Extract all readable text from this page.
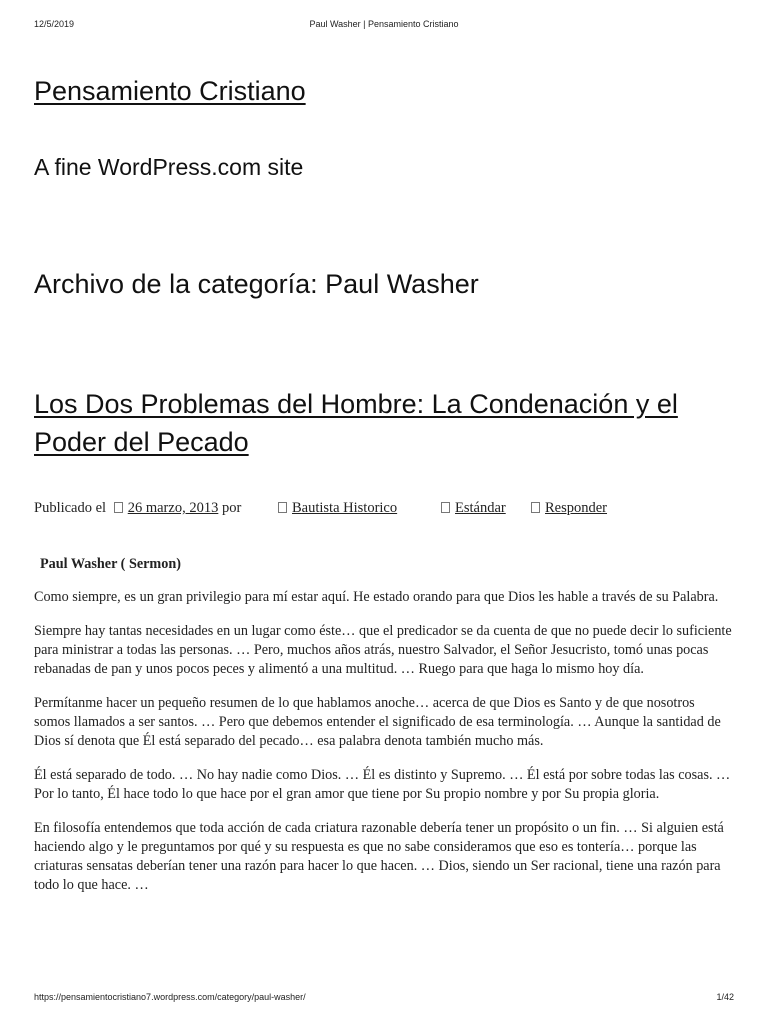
12/5/2019	Paul Washer | Pensamiento Cristiano
Pensamiento Cristiano
A fine WordPress.com site
Archivo de la categoría: Paul Washer
Los Dos Problemas del Hombre: La Condenación y el Poder del Pecado
Publicado el 26 marzo, 2013 por	Bautista Historico	Estándar	Responder
Paul Washer ( Sermon)

Como siempre, es un gran privilegio para mí estar aquí. He estado orando para que Dios les hable a través de su Palabra.

Siempre hay tantas necesidades en un lugar como éste… que el predicador se da cuenta de que no puede decir lo suficiente para ministrar a todas las personas. … Pero, muchos años atrás, nuestro Salvador, el Señor Jesucristo, tomó unas pocas rebanadas de pan y unos pocos peces y alimentó a una multitud. … Ruego para que haga lo mismo hoy día.

Permítanme hacer un pequeño resumen de lo que hablamos anoche… acerca de que Dios es Santo y de que nosotros somos llamados a ser santos. … Pero que debemos entender el significado de esa terminología. … Aunque la santidad de Dios sí denota que Él está separado del pecado… esa palabra denota también mucho más.

Él está separado de todo. … No hay nadie como Dios. … Él es distinto y Supremo. … Él está por sobre todas las cosas. … Por lo tanto, Él hace todo lo que hace por el gran amor que tiene por Su propio nombre y por Su propia gloria.

En filosofía entendemos que toda acción de cada criatura razonable debería tener un propósito o un fin. … Si alguien está haciendo algo y le preguntamos por qué y su respuesta es que no sabe consideramos que eso es tontería… porque las criaturas sensatas deberían tener una razón para hacer lo que hacen. … Dios, siendo un Ser racional, tiene una razón para todo lo que hace. …

https://pensamientocristiano7.wordpress.com/category/paul-washer/	1/42
